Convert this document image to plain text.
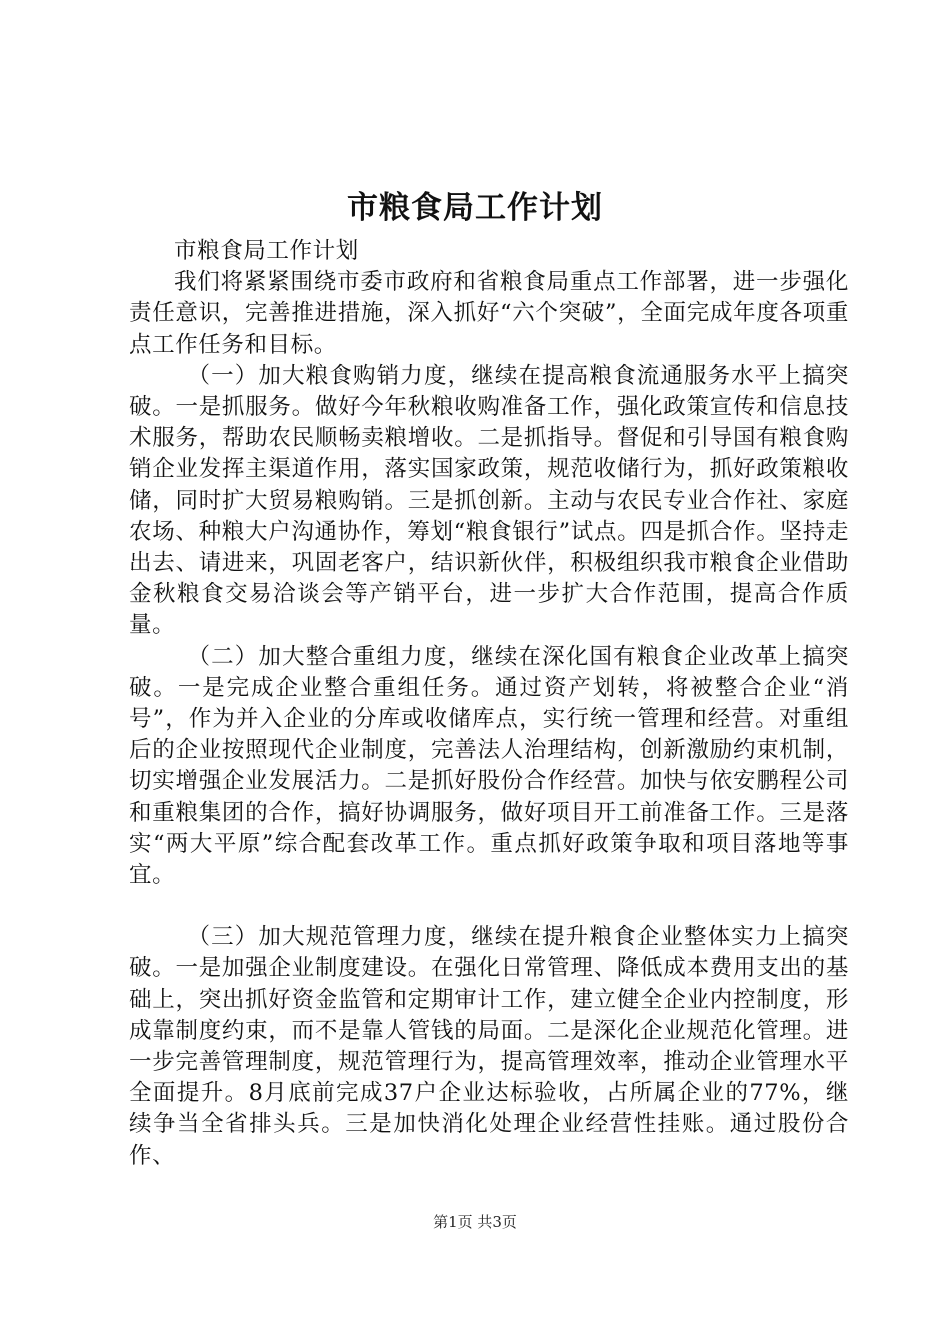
市粮食局工作计划

市粮食局工作计划

我们将紧紧围绕市委市政府和省粮食局重点工作部署，进一步强化责任意识，完善推进措施，深入抓好“六个突破”，全面完成年度各项重点工作任务和目标。

（一）加大粮食购销力度，继续在提高粮食流通服务水平上搞突破。一是抓服务。做好今年秋粮收购准备工作，强化政策宣传和信息技术服务，帮助农民顺畅卖粮增收。二是抓指导。督促和引导国有粮食购销企业发挥主渠道作用，落实国家政策，规范收储行为，抓好政策粮收储，同时扩大贸易粮购销。三是抓创新。主动与农民专业合作社、家庭农场、种粮大户沟通协作，筹划“粮食银行”试点。四是抓合作。坚持走出去、请进来，巩固老客户，结识新伙伴，积极组织我市粮食企业借助金秋粮食交易洽谈会等产销平台，进一步扩大合作范围，提高合作质量。

（二）加大整合重组力度，继续在深化国有粮食企业改革上搞突破。一是完成企业整合重组任务。通过资产划转，将被整合企业“消号”，作为并入企业的分库或收储库点，实行统一管理和经营。对重组后的企业按照现代企业制度，完善法人治理结构，创新激励约束机制，切实增强企业发展活力。二是抓好股份合作经营。加快与依安鹏程公司和重粮集团的合作，搞好协调服务，做好项目开工前准备工作。三是落实“两大平原”综合配套改革工作。重点抓好政策争取和项目落地等事宜。

（三）加大规范管理力度，继续在提升粮食企业整体实力上搞突破。一是加强企业制度建设。在强化日常管理、降低成本费用支出的基础上，突出抓好资金监管和定期审计工作，建立健全企业内控制度，形成靠制度约束，而不是靠人管钱的局面。二是深化企业规范化管理。进一步完善管理制度，规范管理行为，提高管理效率，推动企业管理水平全面提升。8月底前完成37户企业达标验收，占所属企业的77%，继续争当全省排头兵。三是加快消化处理企业经营性挂账。通过股份合作、

第1页 共3页
